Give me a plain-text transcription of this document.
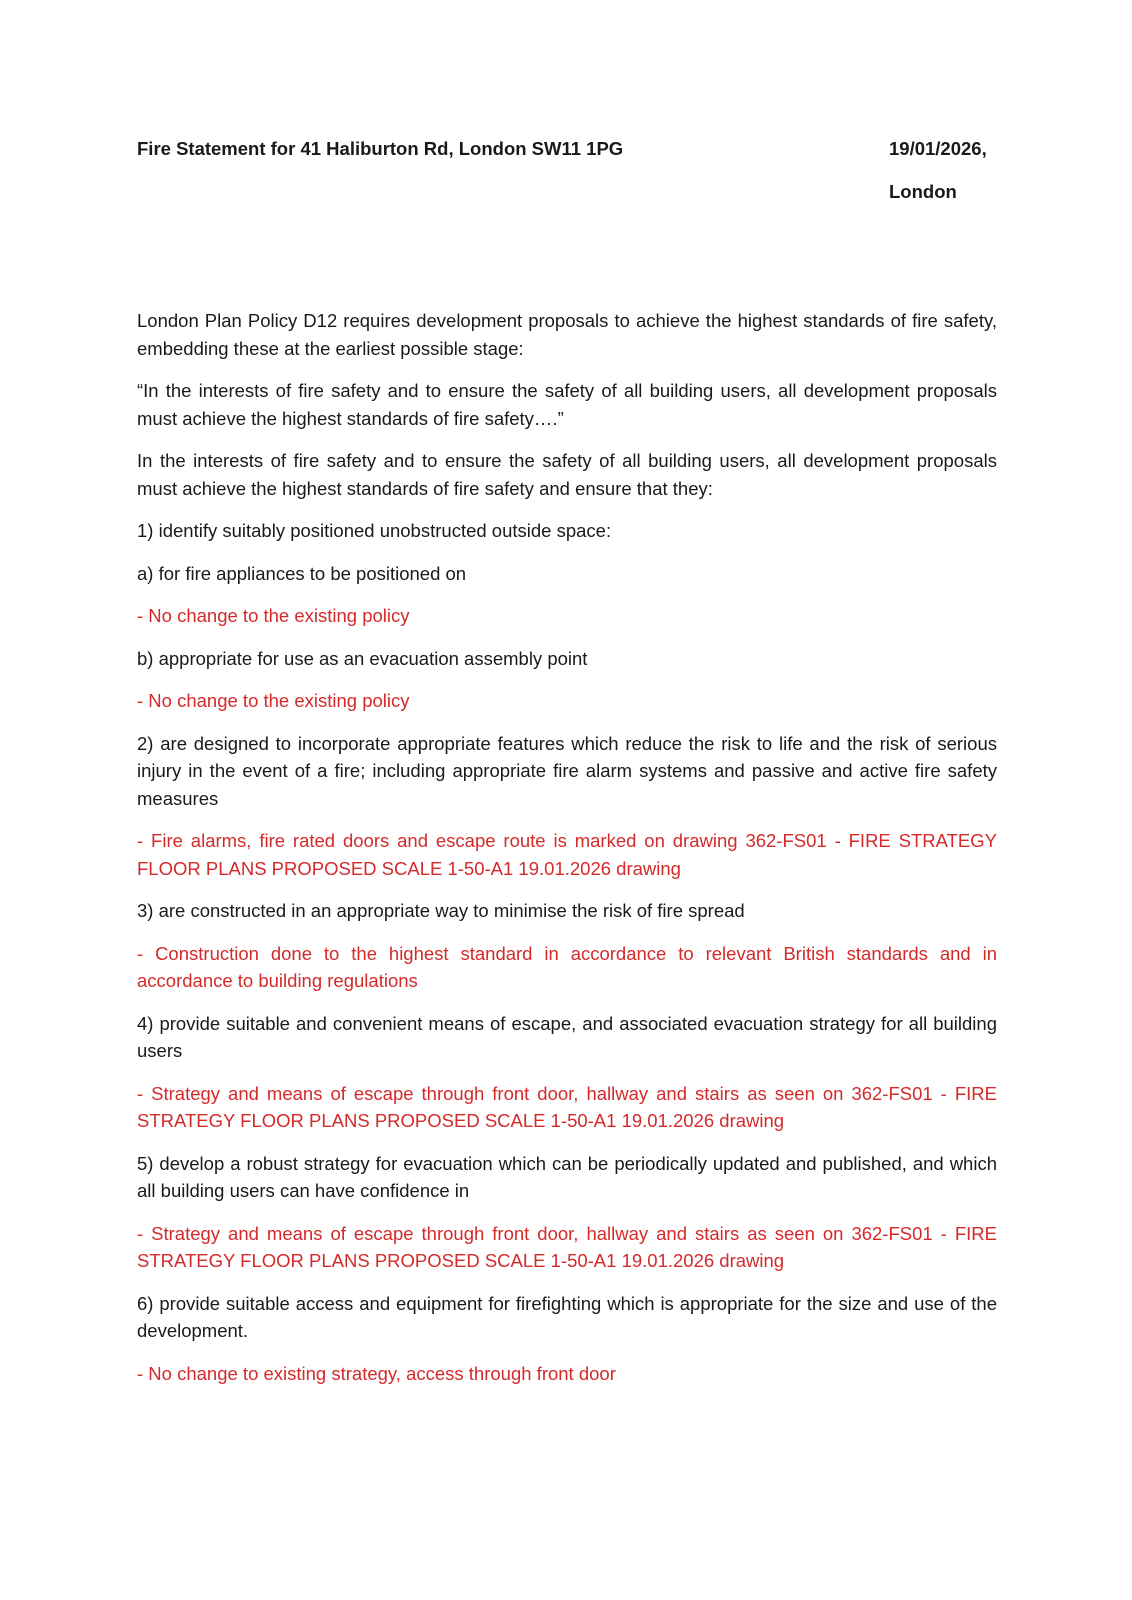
Fire Statement for 41 Haliburton Rd, London SW11 1PG	19/01/2026,
London

London Plan Policy D12 requires development proposals to achieve the highest standards of fire safety, embedding these at the earliest possible stage:

“In the interests of fire safety and to ensure the safety of all building users, all development proposals must achieve the highest standards of fire safety….”

In the interests of fire safety and to ensure the safety of all building users, all development proposals must achieve the highest standards of fire safety and ensure that they:

1) identify suitably positioned unobstructed outside space:

a) for fire appliances to be positioned on

- No change to the existing policy

b) appropriate for use as an evacuation assembly point

- No change to the existing policy

2) are designed to incorporate appropriate features which reduce the risk to life and the risk of serious injury in the event of a fire; including appropriate fire alarm systems and passive and active fire safety measures

- Fire alarms, fire rated doors and escape route is marked on drawing 362-FS01 - FIRE STRATEGY FLOOR PLANS PROPOSED SCALE 1-50-A1 19.01.2026 drawing

3) are constructed in an appropriate way to minimise the risk of fire spread

- Construction done to the highest standard in accordance to relevant British standards and in accordance to building regulations

4) provide suitable and convenient means of escape, and associated evacuation strategy for all building users

- Strategy and means of escape through front door, hallway and stairs as seen on 362-FS01 - FIRE STRATEGY FLOOR PLANS PROPOSED SCALE 1-50-A1 19.01.2026 drawing

5) develop a robust strategy for evacuation which can be periodically updated and published, and which all building users can have confidence in

- Strategy and means of escape through front door, hallway and stairs as seen on 362-FS01 - FIRE STRATEGY FLOOR PLANS PROPOSED SCALE 1-50-A1 19.01.2026 drawing

6) provide suitable access and equipment for firefighting which is appropriate for the size and use of the development.

- No change to existing strategy, access through front door
